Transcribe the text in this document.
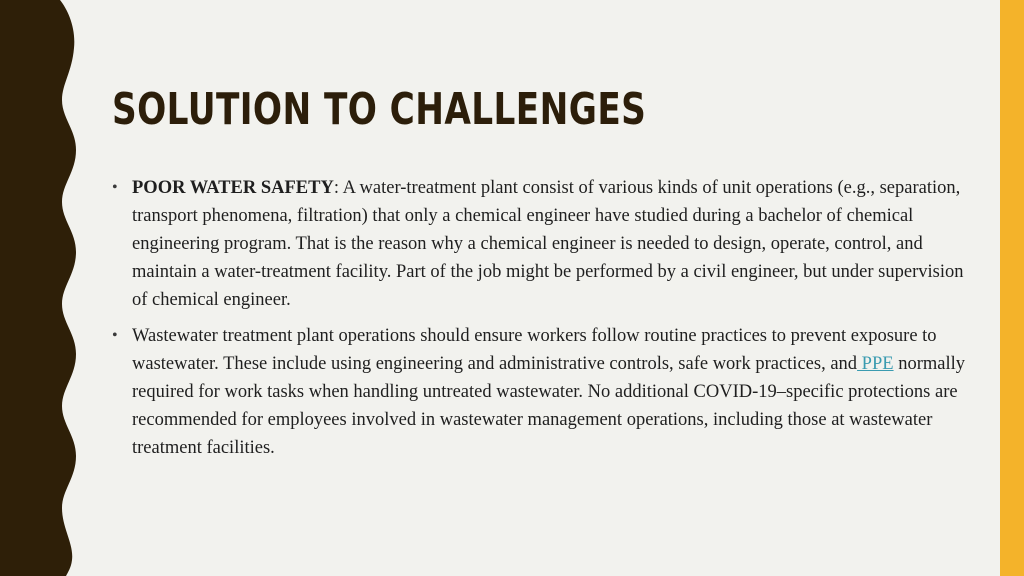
SOLUTION TO CHALLENGES
• POOR WATER SAFETY: A water-treatment plant consist of various kinds of unit operations (e.g., separation, transport phenomena, filtration) that only a chemical engineer have studied during a bachelor of chemical engineering program. That is the reason why a chemical engineer is needed to design, operate, control, and maintain a water-treatment facility. Part of the job might be performed by a civil engineer, but under supervision of chemical engineer.
• Wastewater treatment plant operations should ensure workers follow routine practices to prevent exposure to wastewater. These include using engineering and administrative controls, safe work practices, and PPE normally required for work tasks when handling untreated wastewater. No additional COVID-19–specific protections are recommended for employees involved in wastewater management operations, including those at wastewater treatment facilities.
